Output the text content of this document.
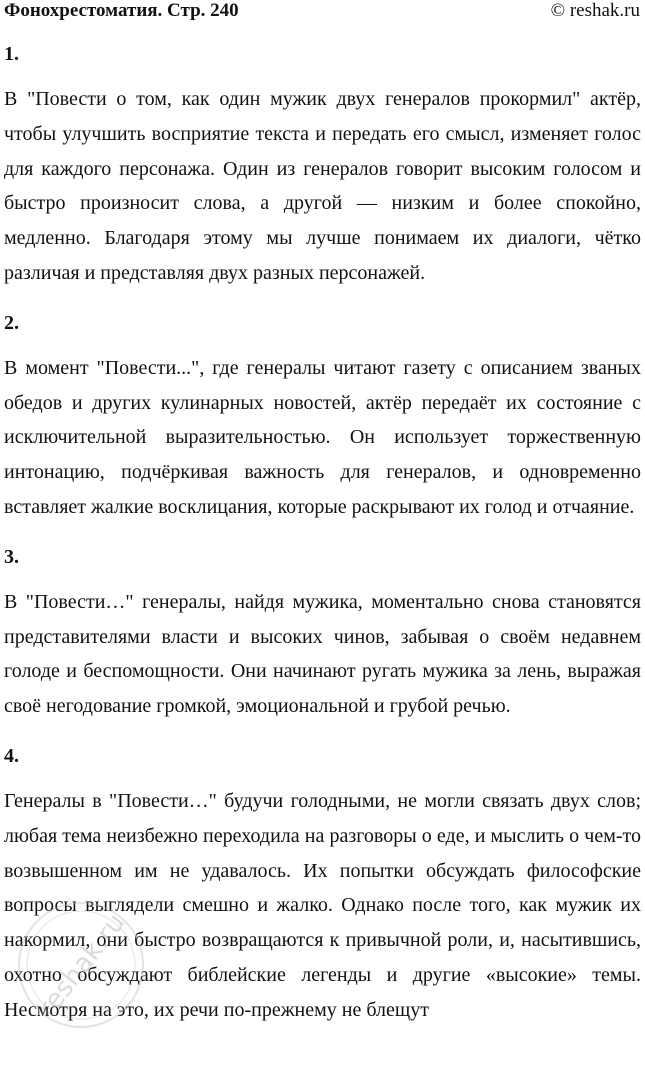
Фонохрестоматия. Стр. 240	© reshak.ru
1.

В "Повести о том, как один мужик двух генералов прокормил" актёр, чтобы улучшить восприятие текста и передать его смысл, изменяет голос для каждого персонажа. Один из генералов говорит высоким голосом и быстро произносит слова, а другой — низким и более спокойно, медленно. Благодаря этому мы лучше понимаем их диалоги, чётко различая и представляя двух разных персонажей.

2.

В момент "Повести...", где генералы читают газету с описанием званых обедов и других кулинарных новостей, актёр передаёт их состояние с исключительной выразительностью. Он использует торжественную интонацию, подчёркивая важность для генералов, и одновременно вставляет жалкие восклицания, которые раскрывают их голод и отчаяние.

3.

В "Повести…" генералы, найдя мужика, моментально снова становятся представителями власти и высоких чинов, забывая о своём недавнем голоде и беспомощности. Они начинают ругать мужика за лень, выражая своё негодование громкой, эмоциональной и грубой речью.

4.

Генералы в "Повести…" будучи голодными, не могли связать двух слов; любая тема неизбежно переходила на разговоры о еде, и мыслить о чем-то возвышенном им не удавалось. Их попытки обсуждать философские вопросы выглядели смешно и жалко. Однако после того, как мужик их накормил, они быстро возвращаются к привычной роли, и, насытившись, охотно обсуждают библейские легенды и другие «высокие» темы. Несмотря на это, их речи по-прежнему не блещут

reshak.ru
